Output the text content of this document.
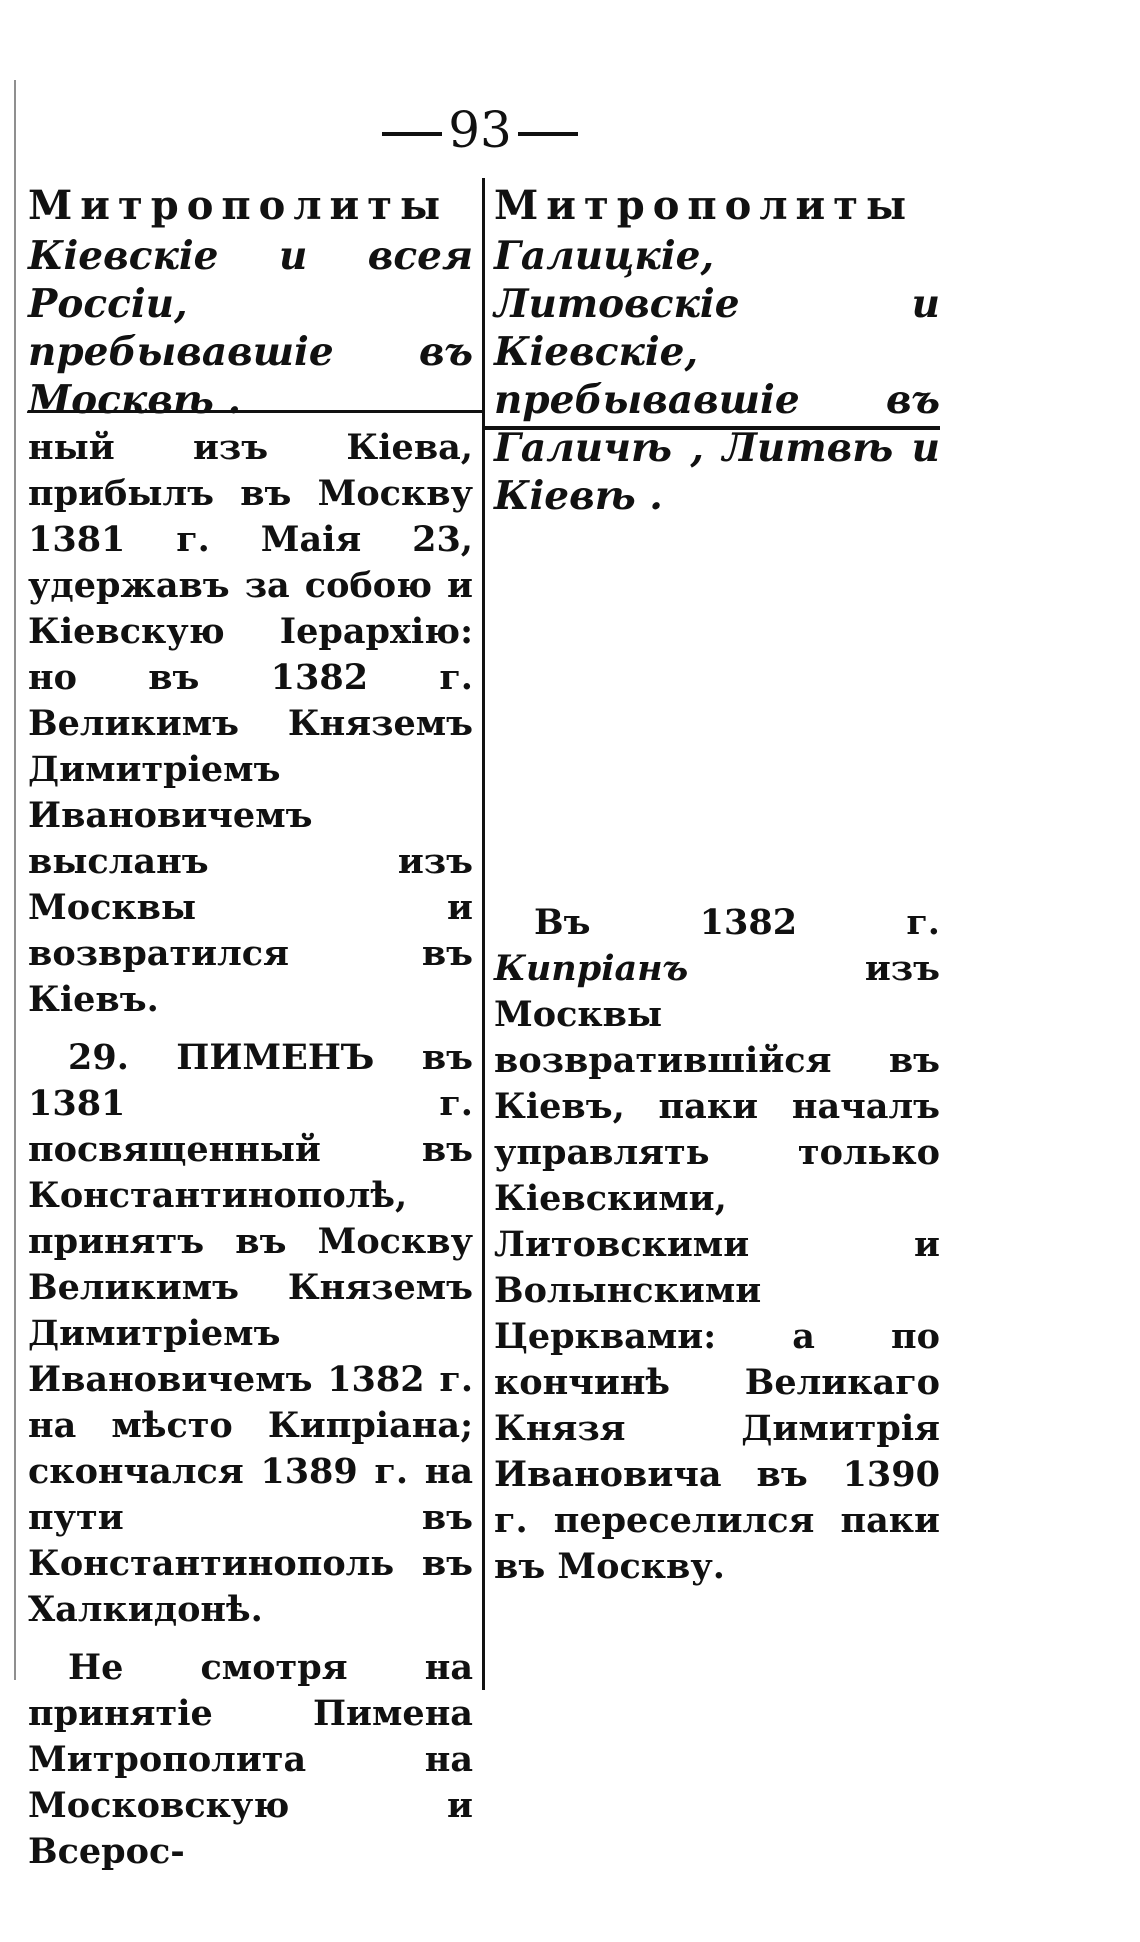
93
Митрополиты
Кіевскіе и всея Россіи, пребывавшіе въ Москвѣ .
Митрополиты
Галицкіе, Литовскіе и Кіевскіе, пребывавшіе въ Галичѣ , Литвѣ и Кіевѣ .

ный изъ Кіева, прибылъ въ Москву 1381 г. Маія 23, удержавъ за собою и Кіевскую Іерархію: но въ 1382 г. Великимъ Княземъ Димитріемъ Ивановичемъ высланъ изъ Москвы и возвратился въ Кіевъ.

29. ПИМЕНЪ въ 1381 г. посвященный въ Константинополѣ, принятъ въ Москву Великимъ Княземъ Димитріемъ Ивановичемъ 1382 г. на мѣсто Кипріана; скончался 1389 г. на пути въ Константинополь въ Халкидонѣ.

Не смотря на принятіе Пимена Митрополита на Московскую и Всерос-

Въ 1382 г. Кипріанъ изъ Москвы возвратившійся въ Кіевъ, паки началъ управлять только Кіевскими, Литовскими и Волынскими Церквами: а по кончинѣ Великаго Князя Димитрія Ивановича въ 1390 г. переселился паки въ Москву.
